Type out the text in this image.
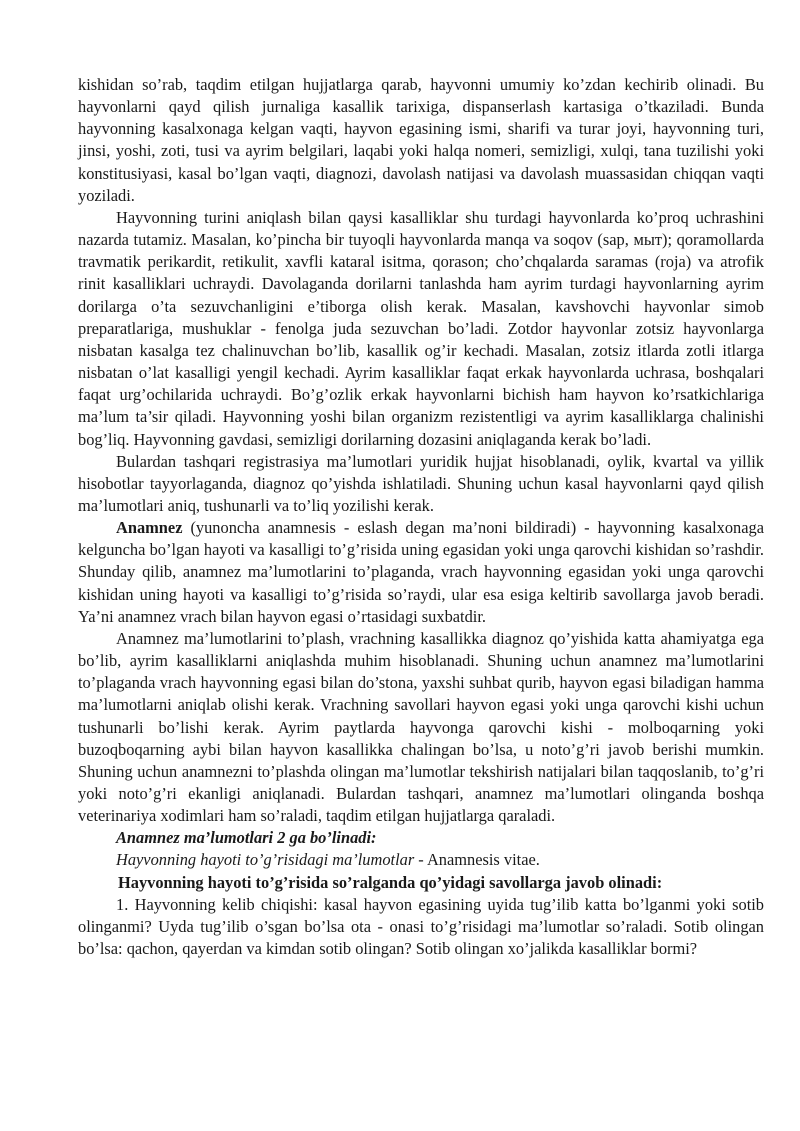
kishidan so’rab, taqdim etilgan hujjatlarga qarab, hayvonni umumiy ko’zdan kechirib olinadi. Bu hayvonlarni qayd qilish jurnaliga kasallik tarixiga, dispanserlash kartasiga o’tkaziladi. Bunda hayvonning kasalxonaga kelgan vaqti, hayvon egasining ismi, sharifi va turar joyi, hayvonning turi, jinsi, yoshi, zoti, tusi va ayrim belgilari, laqabi yoki halqa nomeri, semizligi, xulqi, tana tuzilishi yoki konstitusiyasi, kasal bo’lgan vaqti, diagnozi, davolash natijasi va davolash muassasidan chiqqan vaqti yoziladi.

Hayvonning turini aniqlash bilan qaysi kasalliklar shu turdagi hayvonlarda ko’proq uchrashini nazarda tutamiz. Masalan, ko’pincha bir tuyoqli hayvonlarda manqa va soqov (sap, мыт); qoramollarda travmatik perikardit, retikulit, xavfli kataral isitma, qorason; cho’chqalarda saramas (roja) va atrofik rinit kasalliklari uchraydi. Davolaganda dorilarni tanlashda ham ayrim turdagi hayvonlarning ayrim dorilarga o’ta sezuvchanligini e’tiborga olish kerak. Masalan, kavshovchi hayvonlar simob preparatlariga, mushuklar - fenolga juda sezuvchan bo’ladi. Zotdor hayvonlar zotsiz hayvonlarga nisbatan kasalga tez chalinuvchan bo’lib, kasallik og’ir kechadi. Masalan, zotsiz itlarda zotli itlarga nisbatan o’lat kasalligi yengil kechadi. Ayrim kasalliklar faqat erkak hayvonlarda uchrasa, boshqalari faqat urg’ochilarida uchraydi. Bo’g’ozlik erkak hayvonlarni bichish ham hayvon ko’rsatkichlariga ma’lum ta’sir qiladi. Hayvonning yoshi bilan organizm rezistentligi va ayrim kasalliklarga chalinishi bog’liq. Hayvonning gavdasi, semizligi dorilarning dozasini aniqlaganda kerak bo’ladi.

Bulardan tashqari registrasiya ma’lumotlari yuridik hujjat hisoblanadi, oylik, kvartal va yillik hisobotlar tayyorlaganda, diagnoz qo’yishda ishlatiladi. Shuning uchun kasal hayvonlarni qayd qilish ma’lumotlari aniq, tushunarli va to’liq yozilishi kerak.

Anamnez (yunoncha anamnesis - eslash degan ma’noni bildiradi) - hayvonning kasalxonaga kelguncha bo’lgan hayoti va kasalligi to’g’risida uning egasidan yoki unga qarovchi kishidan so’rashdir. Shunday qilib, anamnez ma’lumotlarini to’plaganda, vrach hayvonning egasidan yoki unga qarovchi kishidan uning hayoti va kasalligi to’g’risida so’raydi, ular esa esiga keltirib savollarga javob beradi. Ya’ni anamnez vrach bilan hayvon egasi o’rtasidagi suxbatdir.

Anamnez ma’lumotlarini to’plash, vrachning kasallikka diagnoz qo’yishida katta ahamiyatga ega bo’lib, ayrim kasalliklarni aniqlashda muhim hisoblanadi. Shuning uchun anamnez ma’lumotlarini to’plaganda vrach hayvonning egasi bilan do’stona, yaxshi suhbat qurib, hayvon egasi biladigan hamma ma’lumotlarni aniqlab olishi kerak. Vrachning savollari hayvon egasi yoki unga qarovchi kishi uchun tushunarli bo’lishi kerak. Ayrim paytlarda hayvonga qarovchi kishi - molboqarning yoki buzoqboqarning aybi bilan hayvon kasallikka chalingan bo’lsa, u noto’g’ri javob berishi mumkin. Shuning uchun anamnezni to’plashda olingan ma’lumotlar tekshirish natijalari bilan taqqoslanib, to’g’ri yoki noto’g’ri ekanligi aniqlanadi. Bulardan tashqari, anamnez ma’lumotlari olinganda boshqa veterinariya xodimlari ham so’raladi, taqdim etilgan hujjatlarga qaraladi.

Anamnez ma’lumotlari 2 ga bo’linadi:

Hayvonning hayoti to’g’risidagi ma’lumotlar - Anamnesis vitae.

Hayvonning hayoti to’g’risida so’ralganda qo’yidagi savollarga javob olinadi:

1. Hayvonning kelib chiqishi: kasal hayvon egasining uyida tug’ilib katta bo’lganmi yoki sotib olinganmi? Uyda tug’ilib o’sgan bo’lsa ota - onasi to’g’risidagi ma’lumotlar so’raladi. Sotib olingan bo’lsa: qachon, qayerdan va kimdan sotib olingan? Sotib olingan xo’jalikda kasalliklar bormi?
